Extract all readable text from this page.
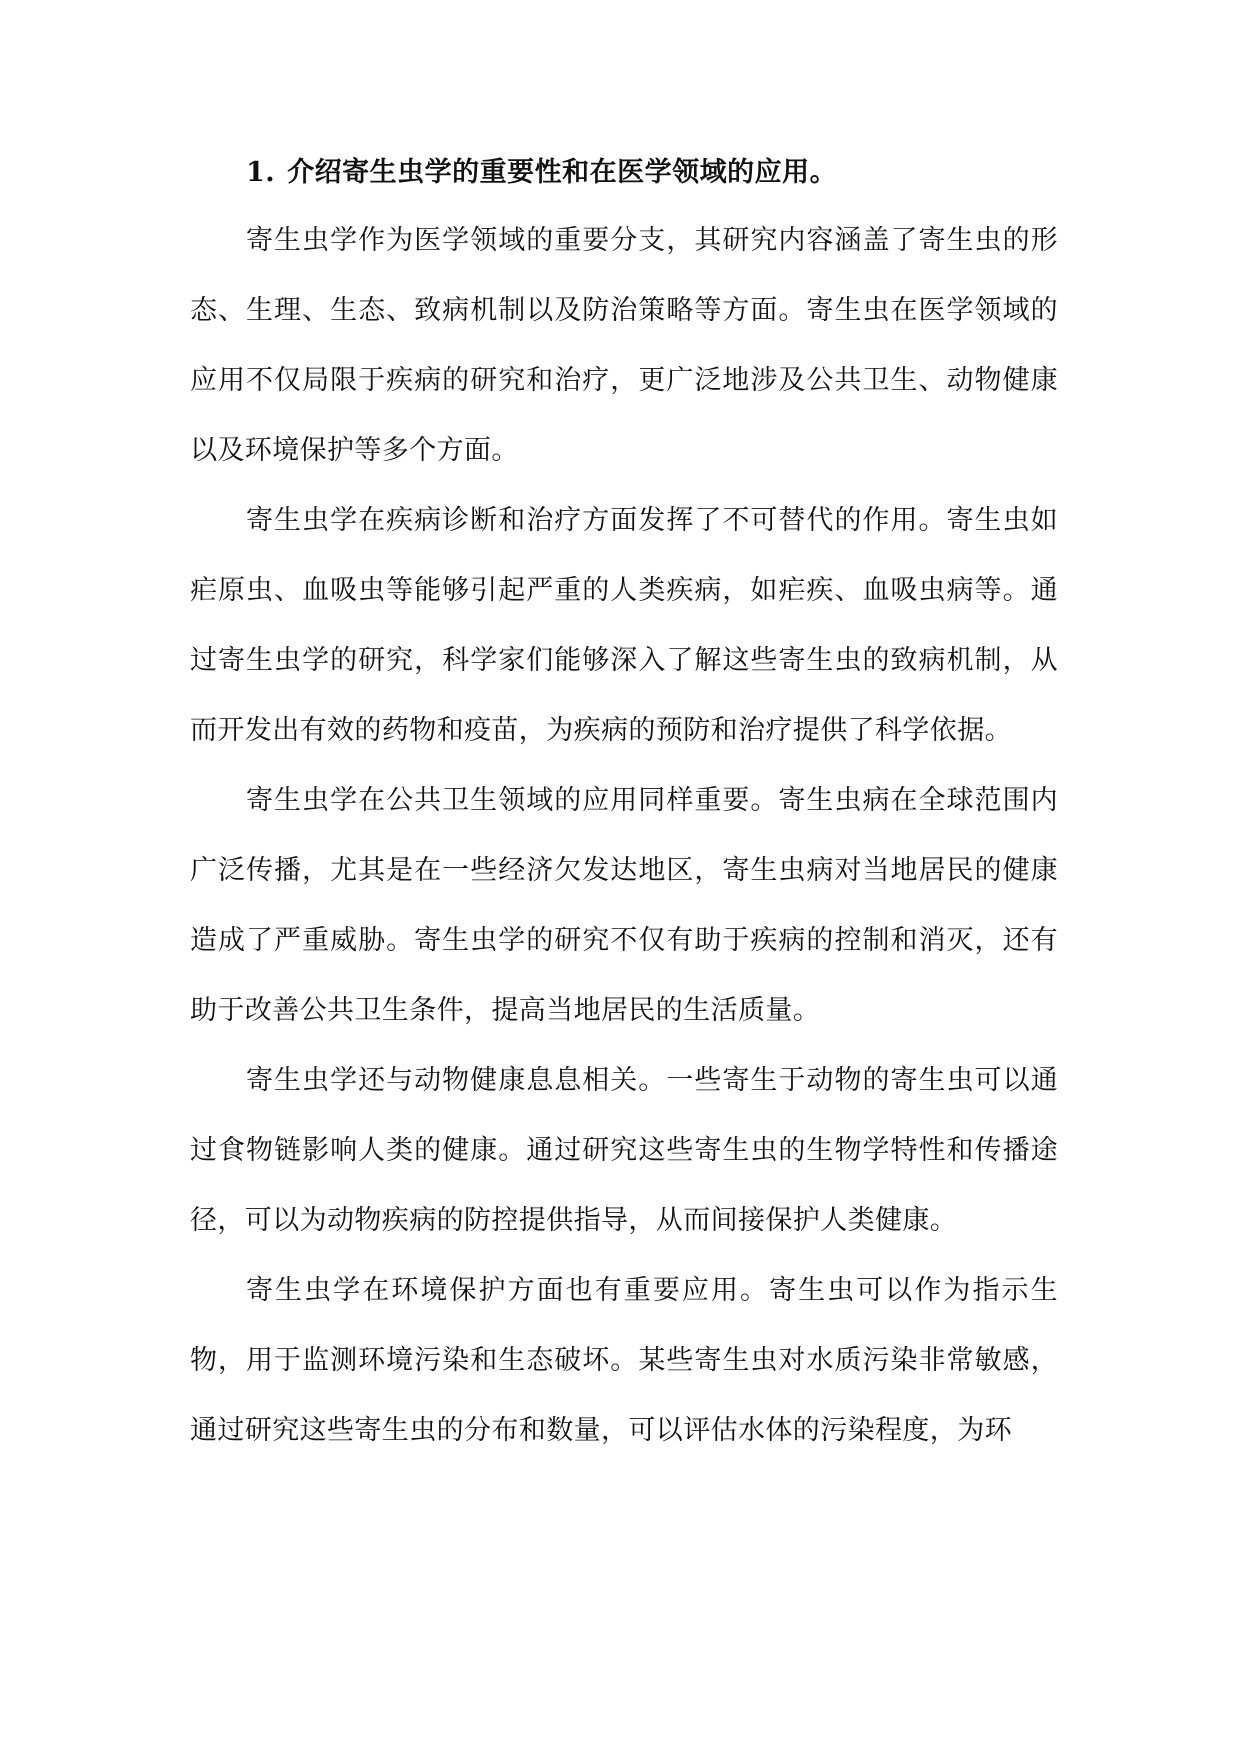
1. 介绍寄生虫学的重要性和在医学领域的应用。

寄生虫学作为医学领域的重要分支，其研究内容涵盖了寄生虫的形态、生理、生态、致病机制以及防治策略等方面。寄生虫在医学领域的应用不仅局限于疾病的研究和治疗，更广泛地涉及公共卫生、动物健康以及环境保护等多个方面。

寄生虫学在疾病诊断和治疗方面发挥了不可替代的作用。寄生虫如疟原虫、血吸虫等能够引起严重的人类疾病，如疟疾、血吸虫病等。通过寄生虫学的研究，科学家们能够深入了解这些寄生虫的致病机制，从而开发出有效的药物和疫苗，为疾病的预防和治疗提供了科学依据。

寄生虫学在公共卫生领域的应用同样重要。寄生虫病在全球范围内广泛传播，尤其是在一些经济欠发达地区，寄生虫病对当地居民的健康造成了严重威胁。寄生虫学的研究不仅有助于疾病的控制和消灭，还有助于改善公共卫生条件，提高当地居民的生活质量。

寄生虫学还与动物健康息息相关。一些寄生于动物的寄生虫可以通过食物链影响人类的健康。通过研究这些寄生虫的生物学特性和传播途径，可以为动物疾病的防控提供指导，从而间接保护人类健康。

寄生虫学在环境保护方面也有重要应用。寄生虫可以作为指示生物，用于监测环境污染和生态破坏。某些寄生虫对水质污染非常敏感，通过研究这些寄生虫的分布和数量，可以评估水体的污染程度，为环
